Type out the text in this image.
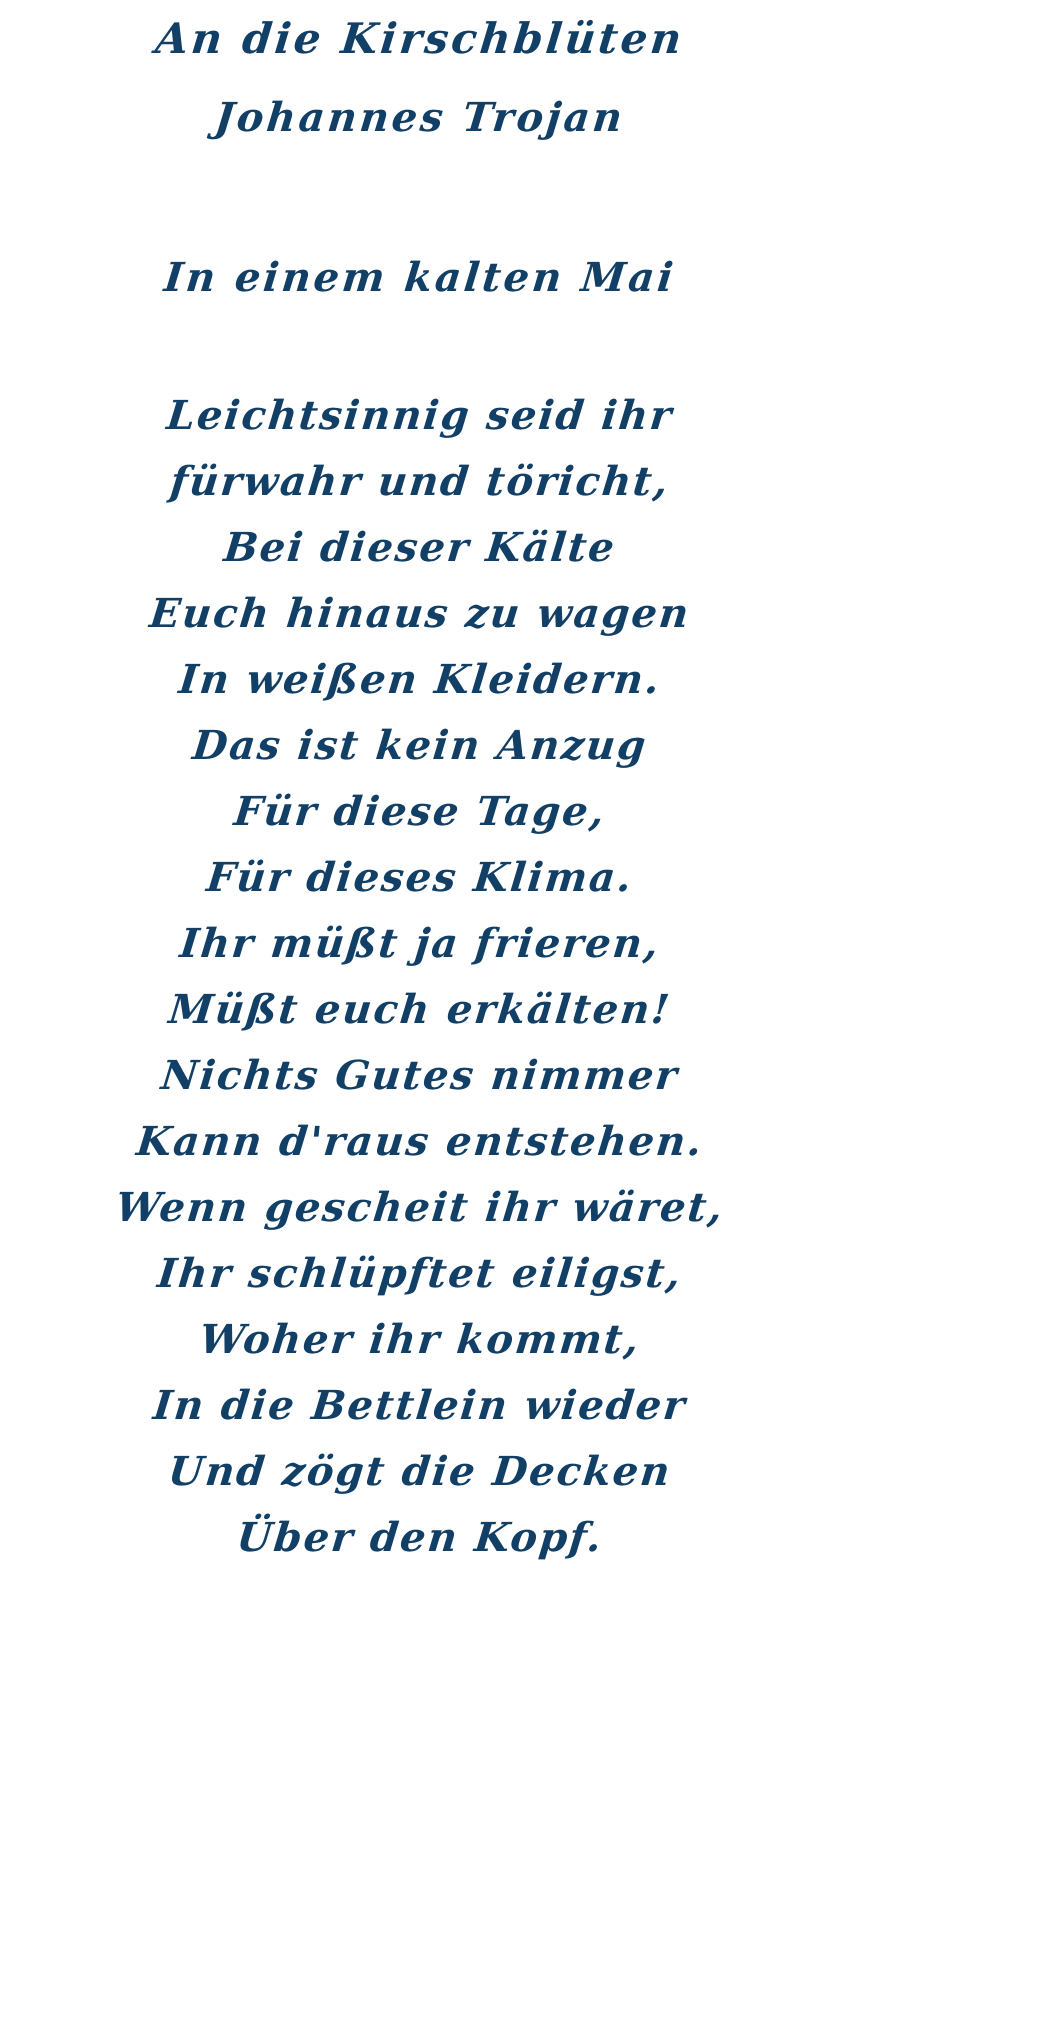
An die Kirschblüten
Johannes Trojan
In einem kalten Mai
Leichtsinnig seid ihr
fürwahr und töricht,
Bei dieser Kälte
Euch hinaus zu wagen
In weißen Kleidern.
Das ist kein Anzug
Für diese Tage,
Für dieses Klima.
Ihr müßt ja frieren,
Müßt euch erkälten!
Nichts Gutes nimmer
Kann d'raus entstehen.
Wenn gescheit ihr wäret,
Ihr schlüpftet eiligst,
Woher ihr kommt,
In die Bettlein wieder
Und zögt die Decken
Über den Kopf.
